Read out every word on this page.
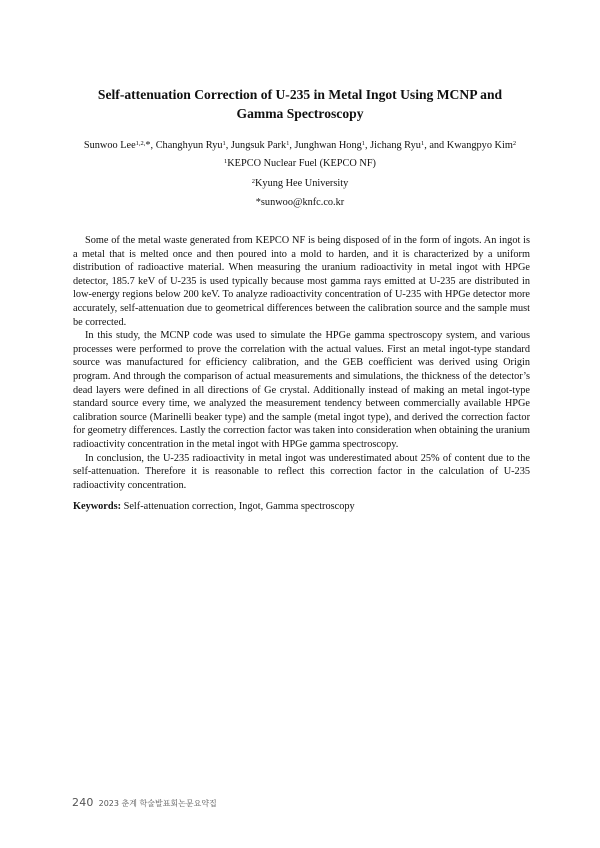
Self-attenuation Correction of U-235 in Metal Ingot Using MCNP and
Gamma Spectroscopy
Sunwoo Lee$^{1,2,}$*, Changhyun Ryu$^1$, Jungsuk Park$^1$, Junghwan Hong$^1$, Jichang Ryu$^1$, and Kwangpyo Kim$^2$
$^1$KEPCO Nuclear Fuel (KEPCO NF)
$^2$Kyung Hee University
*sunwoo@knfc.co.kr

Some of the metal waste generated from KEPCO NF is being disposed of in the form of ingots. An ingot is a metal that is melted once and then poured into a mold to harden, and it is characterized by a uniform distribution of radioactive material. When measuring the uranium radioactivity in metal ingot with HPGe detector, 185.7 keV of U-235 is used typically because most gamma rays emitted at U-235 are distributed in low-energy regions below 200 keV. To analyze radioactivity concentration of U-235 with HPGe detector more accurately, self-attenuation due to geometrical differences between the calibration source and the sample must be corrected.

In this study, the MCNP code was used to simulate the HPGe gamma spectroscopy system, and various processes were performed to prove the correlation with the actual values. First an metal ingot-type standard source was manufactured for efficiency calibration, and the GEB coefficient was derived using Origin program. And through the comparison of actual measurements and simulations, the thickness of the detector’s dead layers were defined in all directions of Ge crystal. Additionally instead of making an metal ingot-type standard source every time, we analyzed the measurement tendency between commercially available HPGe calibration source (Marinelli beaker type) and the sample (metal ingot type), and derived the correction factor for geometry differences. Lastly the correction factor was taken into consideration when obtaining the uranium radioactivity concentration in the metal ingot with HPGe gamma spectroscopy.

In conclusion, the U-235 radioactivity in metal ingot was underestimated about 25% of content due to the self-attenuation. Therefore it is reasonable to reflect this correction factor in the calculation of U-235 radioactivity concentration.

Keywords: Self-attenuation correction, Ingot, Gamma spectroscopy
240 2023 춘계 학술발표회논문요약집
